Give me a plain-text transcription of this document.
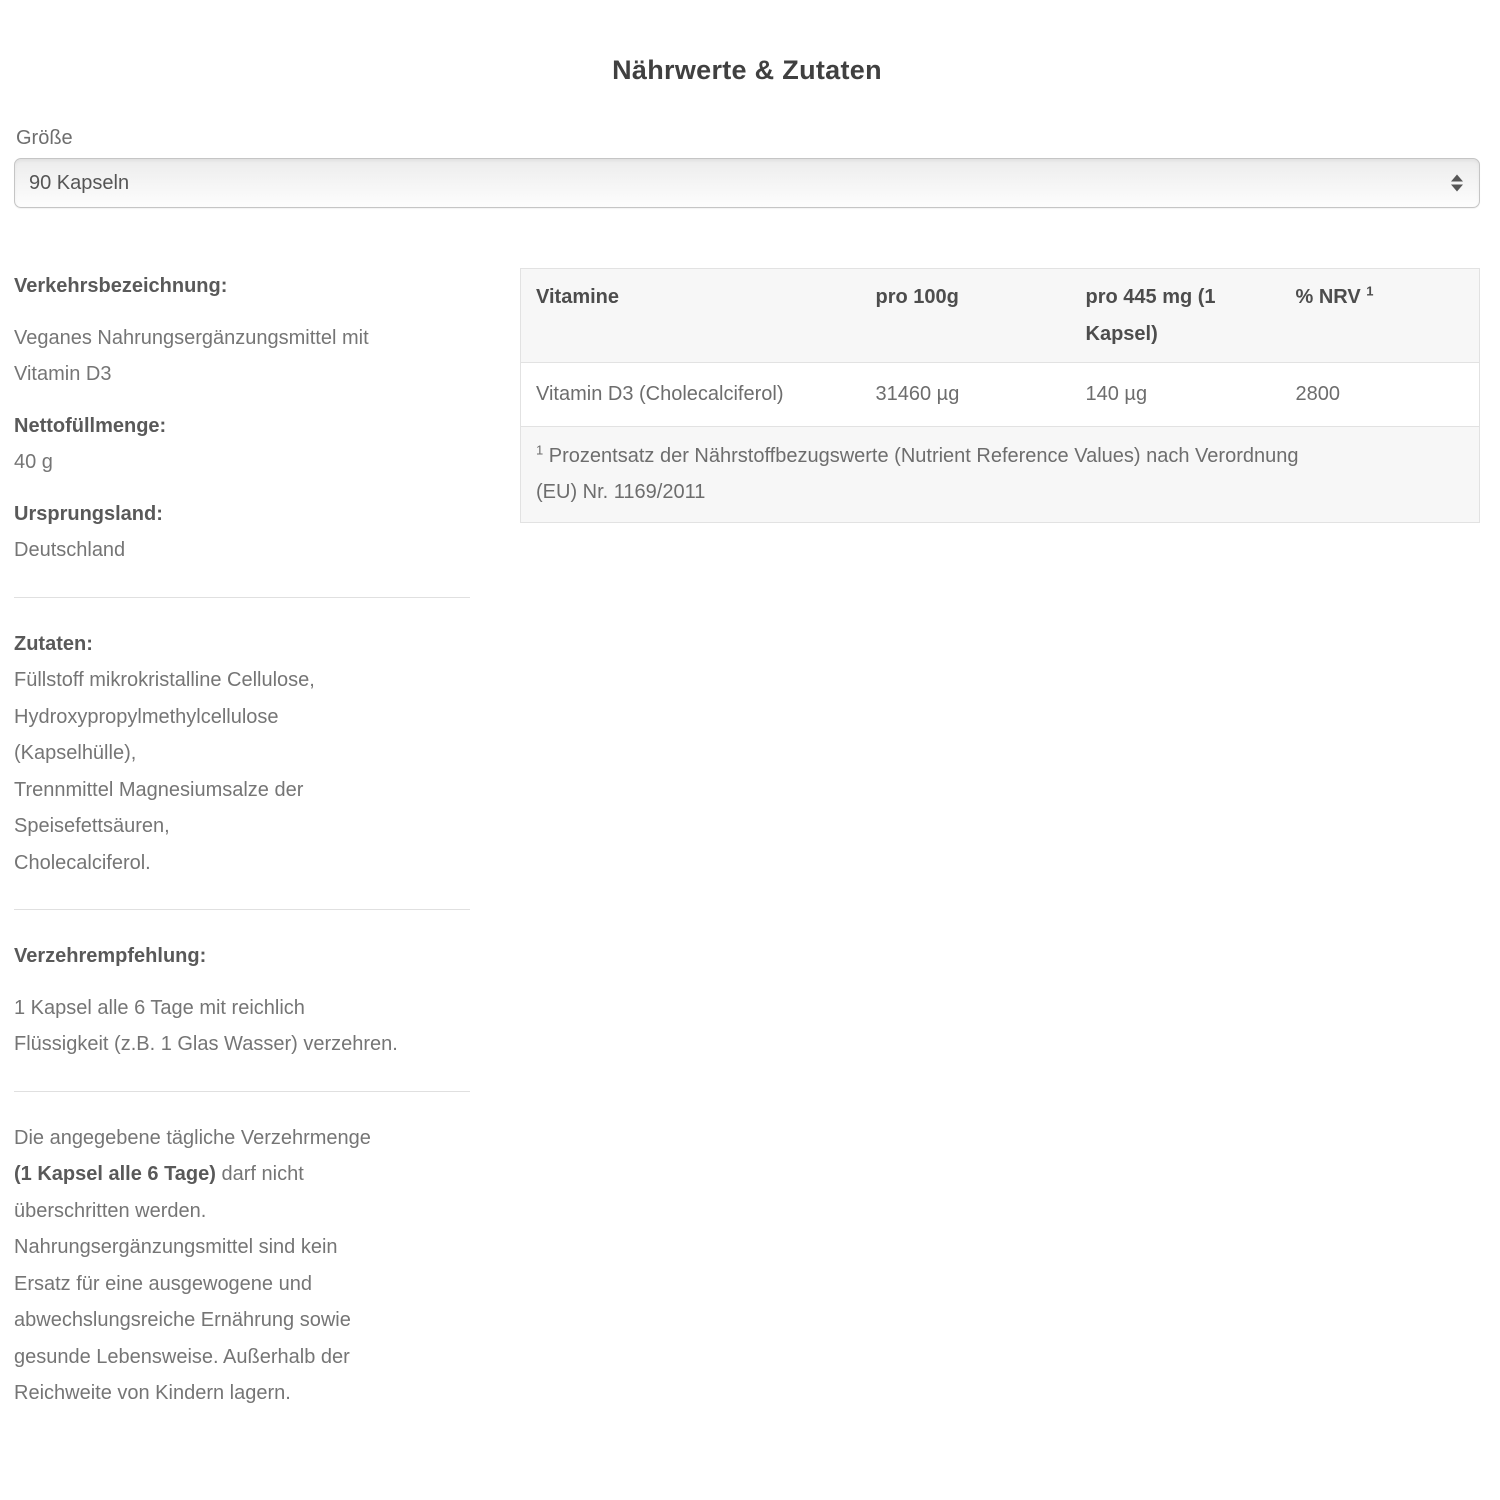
Nährwerte & Zutaten
Größe
90 Kapseln

Verkehrsbezeichnung:

Veganes Nahrungsergänzungsmittel mit
Vitamin D3

Nettofüllmenge:
40 g

Ursprungsland:
Deutschland

Zutaten:
Füllstoff mikrokristalline Cellulose,
Hydroxypropylmethylcellulose
(Kapselhülle),
Trennmittel Magnesiumsalze der
Speisefettsäuren,
Cholecalciferol.

Verzehrempfehlung:

1 Kapsel alle 6 Tage mit reichlich
Flüssigkeit (z.B. 1 Glas Wasser) verzehren.

Die angegebene tägliche Verzehrmenge
(1 Kapsel alle 6 Tage) darf nicht
überschritten werden.
Nahrungsergänzungsmittel sind kein
Ersatz für eine ausgewogene und
abwechslungsreiche Ernährung sowie
gesunde Lebensweise. Außerhalb der
Reichweite von Kindern lagern.

Vitamine	pro 100g	pro 445 mg (1 Kapsel)	% NRV $^1$
Vitamin D3 (Cholecalciferol)	31460 µg	140 µg	2800

$^1$ Prozentsatz der Nährstoffbezugswerte (Nutrient Reference Values) nach Verordnung
(EU) Nr. 1169/2011			
